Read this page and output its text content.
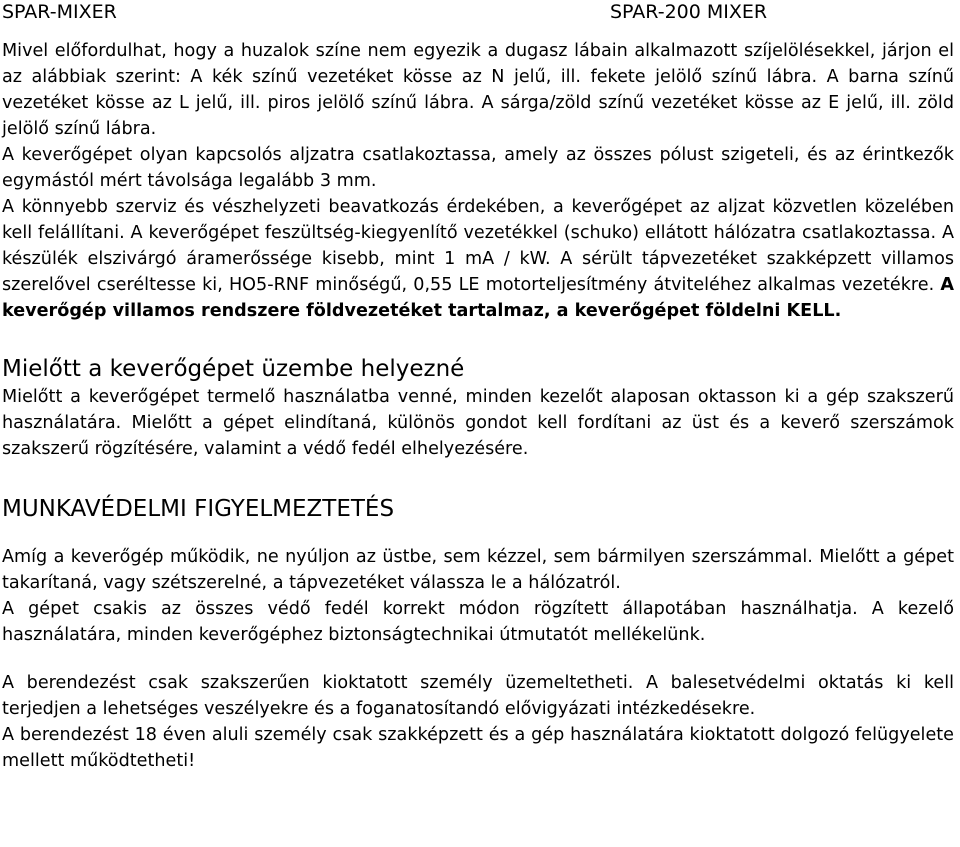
SPAR-MIXER	SPAR-200 MIXER

Mivel előfordulhat, hogy a huzalok színe nem egyezik a dugasz lábain alkalmazott szíjelölésekkel, járjon el az alábbiak szerint: A kék színű vezetéket kösse az N jelű, ill. fekete jelölő színű lábra. A barna színű vezetéket kösse az L jelű, ill. piros jelölő színű lábra. A sárga/zöld színű vezetéket kösse az E jelű, ill. zöld jelölő színű lábra.

A keverőgépet olyan kapcsolós aljzatra csatlakoztassa, amely az összes pólust szigeteli, és az érintkezők egymástól mért távolsága legalább 3 mm.

A könnyebb szerviz és vészhelyzeti beavatkozás érdekében, a keverőgépet az aljzat közvetlen közelében kell felállítani. A keverőgépet feszültség-kiegyenlítő vezetékkel (schuko) ellátott hálózatra csatlakoztassa. A készülék elszivárgó áramerőssége kisebb, mint 1 mA / kW. A sérült tápvezetéket szakképzett villamos szerelővel cseréltesse ki, HO5-RNF minőségű, 0,55 LE motorteljesítmény átviteléhez alkalmas vezetékre. A keverőgép villamos rendszere földvezetéket tartalmaz, a keverőgépet földelni KELL.

Mielőtt a keverőgépet üzembe helyezné

Mielőtt a keverőgépet termelő használatba venné, minden kezelőt alaposan oktasson ki a gép szakszerű használatára. Mielőtt a gépet elindítaná, különös gondot kell fordítani az üst és a keverő szerszámok szakszerű rögzítésére, valamint a védő fedél elhelyezésére.

MUNKAVÉDELMI FIGYELMEZTETÉS

Amíg a keverőgép működik, ne nyúljon az üstbe, sem kézzel, sem bármilyen szerszámmal. Mielőtt a gépet takarítaná, vagy szétszerelné, a tápvezetéket válassza le a hálózatról.

A gépet csakis az összes védő fedél korrekt módon rögzített állapotában használhatja. A kezelő használatára, minden keverőgéphez biztonságtechnikai útmutatót mellékelünk.

A berendezést csak szakszerűen kioktatott személy üzemeltetheti. A balesetvédelmi oktatás ki kell terjedjen a lehetséges veszélyekre és a foganatosítandó elővigyázati intézkedésekre.

A berendezést 18 éven aluli személy csak szakképzett és a gép használatára kioktatott dolgozó felügyelete mellett működtetheti!
